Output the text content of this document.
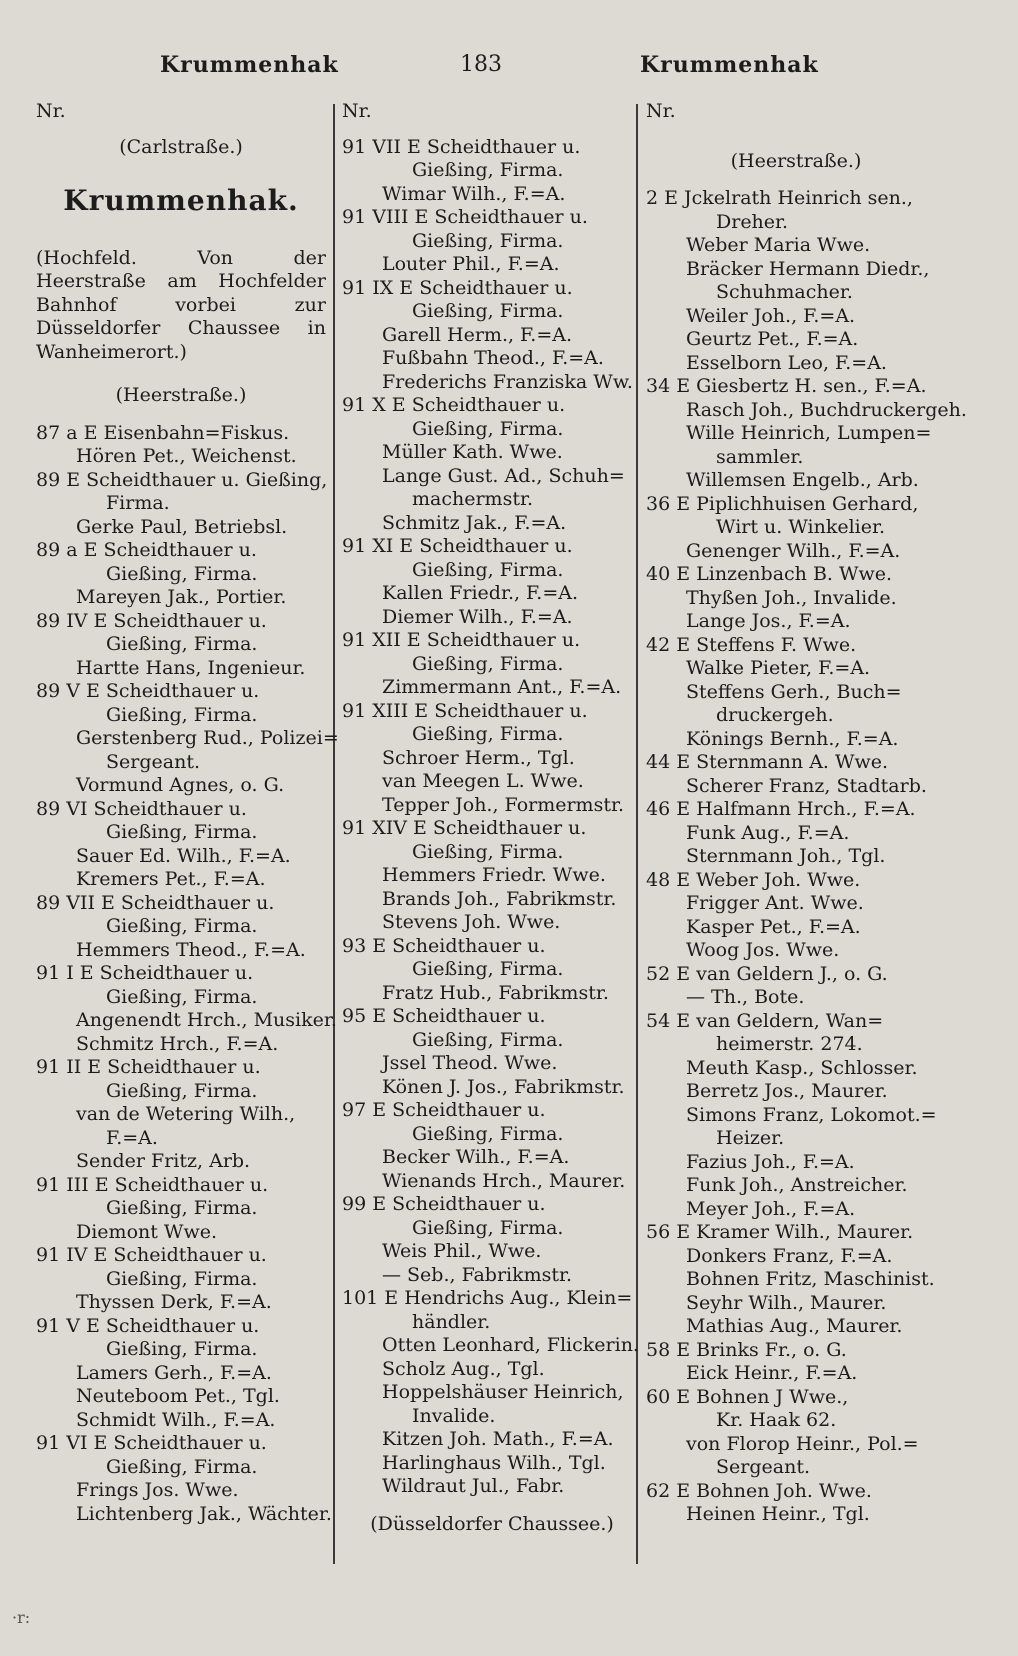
Krummenhak	183	Krummenhak
Nr.
(Carlstraße.)
Krummenhak.
(Hochfeld. Von der Heerstraße am Hochfelder Bahnhof vorbei zur Düsseldorfer Chaussee in Wanheimerort.)
(Heerstraße.)
87 a E Eisenbahn=Fiskus.
Hören Pet., Weichenst.
89 E Scheidthauer u. Gießing,
Firma.
Gerke Paul, Betriebsl.
89 a E Scheidthauer u.
Gießing, Firma.
Mareyen Jak., Portier.
89 IV E Scheidthauer u.
Gießing, Firma.
Hartte Hans, Ingenieur.
89 V E Scheidthauer u.
Gießing, Firma.
Gerstenberg Rud., Polizei=
Sergeant.
Vormund Agnes, o. G.
89 VI Scheidthauer u.
Gießing, Firma.
Sauer Ed. Wilh., F.=A.
Kremers Pet., F.=A.
89 VII E Scheidthauer u.
Gießing, Firma.
Hemmers Theod., F.=A.
91 I E Scheidthauer u.
Gießing, Firma.
Angenendt Hrch., Musiker.
Schmitz Hrch., F.=A.
91 II E Scheidthauer u.
Gießing, Firma.
van de Wetering Wilh.,
F.=A.
Sender Fritz, Arb.
91 III E Scheidthauer u.
Gießing, Firma.
Diemont Wwe.
91 IV E Scheidthauer u.
Gießing, Firma.
Thyssen Derk, F.=A.
91 V E Scheidthauer u.
Gießing, Firma.
Lamers Gerh., F.=A.
Neuteboom Pet., Tgl.
Schmidt Wilh., F.=A.
91 VI E Scheidthauer u.
Gießing, Firma.
Frings Jos. Wwe.
Lichtenberg Jak., Wächter.
Nr.
91 VII E Scheidthauer u.
Gießing, Firma.
Wimar Wilh., F.=A.
91 VIII E Scheidthauer u.
Gießing, Firma.
Louter Phil., F.=A.
91 IX E Scheidthauer u.
Gießing, Firma.
Garell Herm., F.=A.
Fußbahn Theod., F.=A.
Frederichs Franziska Ww.
91 X E Scheidthauer u.
Gießing, Firma.
Müller Kath. Wwe.
Lange Gust. Ad., Schuh=
machermstr.
Schmitz Jak., F.=A.
91 XI E Scheidthauer u.
Gießing, Firma.
Kallen Friedr., F.=A.
Diemer Wilh., F.=A.
91 XII E Scheidthauer u.
Gießing, Firma.
Zimmermann Ant., F.=A.
91 XIII E Scheidthauer u.
Gießing, Firma.
Schroer Herm., Tgl.
van Meegen L. Wwe.
Tepper Joh., Formermstr.
91 XIV E Scheidthauer u.
Gießing, Firma.
Hemmers Friedr. Wwe.
Brands Joh., Fabrikmstr.
Stevens Joh. Wwe.
93 E Scheidthauer u.
Gießing, Firma.
Fratz Hub., Fabrikmstr.
95 E Scheidthauer u.
Gießing, Firma.
Jssel Theod. Wwe.
Könen J. Jos., Fabrikmstr.
97 E Scheidthauer u.
Gießing, Firma.
Becker Wilh., F.=A.
Wienands Hrch., Maurer.
99 E Scheidthauer u.
Gießing, Firma.
Weis Phil., Wwe.
— Seb., Fabrikmstr.
101 E Hendrichs Aug., Klein=
händler.
Otten Leonhard, Flickerin.
Scholz Aug., Tgl.
Hoppelshäuser Heinrich,
Invalide.
Kitzen Joh. Math., F.=A.
Harlinghaus Wilh., Tgl.
Wildraut Jul., Fabr.
(Düsseldorfer Chaussee.)
Nr.
(Heerstraße.)
2 E Jckelrath Heinrich sen.,
Dreher.
Weber Maria Wwe.
Bräcker Hermann Diedr.,
Schuhmacher.
Weiler Joh., F.=A.
Geurtz Pet., F.=A.
Esselborn Leo, F.=A.
34 E Giesbertz H. sen., F.=A.
Rasch Joh., Buchdruckergeh.
Wille Heinrich, Lumpen=
sammler.
Willemsen Engelb., Arb.
36 E Piplichhuisen Gerhard,
Wirt u. Winkelier.
Genenger Wilh., F.=A.
40 E Linzenbach B. Wwe.
Thyßen Joh., Invalide.
Lange Jos., F.=A.
42 E Steffens F. Wwe.
Walke Pieter, F.=A.
Steffens Gerh., Buch=
druckergeh.
Könings Bernh., F.=A.
44 E Sternmann A. Wwe.
Scherer Franz, Stadtarb.
46 E Halfmann Hrch., F.=A.
Funk Aug., F.=A.
Sternmann Joh., Tgl.
48 E Weber Joh. Wwe.
Frigger Ant. Wwe.
Kasper Pet., F.=A.
Woog Jos. Wwe.
52 E van Geldern J., o. G.
— Th., Bote.
54 E van Geldern, Wan=
heimerstr. 274.
Meuth Kasp., Schlosser.
Berretz Jos., Maurer.
Simons Franz, Lokomot.=
Heizer.
Fazius Joh., F.=A.
Funk Joh., Anstreicher.
Meyer Joh., F.=A.
56 E Kramer Wilh., Maurer.
Donkers Franz, F.=A.
Bohnen Fritz, Maschinist.
Seyhr Wilh., Maurer.
Mathias Aug., Maurer.
58 E Brinks Fr., o. G.
Eick Heinr., F.=A.
60 E Bohnen J Wwe.,
Kr. Haak 62.
von Florop Heinr., Pol.=
Sergeant.
62 E Bohnen Joh. Wwe.
Heinen Heinr., Tgl.
·r:
